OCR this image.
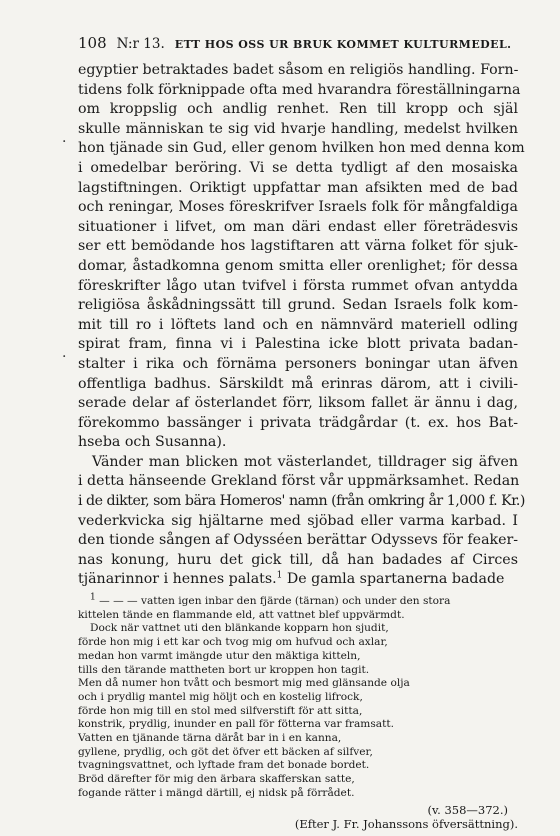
·
·
108 N:r 13. ETT HOS OSS UR BRUK KOMMET KULTURMEDEL.
egyptier betraktades badet såsom en religiös handling. Forn-
tidens folk förknippade ofta med hvarandra föreställningarna
om kroppslig och andlig renhet. Ren till kropp och själ
skulle människan te sig vid hvarje handling, medelst hvilken
hon tjänade sin Gud, eller genom hvilken hon med denna kom
i omedelbar beröring. Vi se detta tydligt af den mosaiska
lagstiftningen. Oriktigt uppfattar man afsikten med de bad
och reningar, Moses föreskrifver Israels folk för mångfaldiga
situationer i lifvet, om man däri endast eller företrädesvis
ser ett bemödande hos lagstiftaren att värna folket för sjuk-
domar, åstadkomna genom smitta eller orenlighet; för dessa
föreskrifter lågo utan tvifvel i första rummet ofvan antydda
religiösa åskådningssätt till grund. Sedan Israels folk kom-
mit till ro i löftets land och en nämnvärd materiell odling
spirat fram, finna vi i Palestina icke blott privata badan-
stalter i rika och förnäma personers boningar utan äfven
offentliga badhus. Särskildt må erinras därom, att i civili-
serade delar af österlandet förr, liksom fallet är ännu i dag,
förekommo bassänger i privata trädgårdar (t. ex. hos Bat-
hseba och Susanna).
Vänder man blicken mot västerlandet, tilldrager sig äfven
i detta hänseende Grekland först vår uppmärksamhet. Redan
i de dikter, som bära Homeros' namn (från omkring år 1,000 f. Kr.)
vederkvicka sig hjältarne med sjöbad eller varma karbad. I
den tionde sången af Odysséen berättar Odyssevs för feaker-
nas konung, huru det gick till, då han badades af Circes
tjänarinnor i hennes palats.$^1$ De gamla spartanerna badade
$^1$ — — — vatten igen inbar den fjärde (tärnan) och under den stora
kittelen tände en flammande eld, att vattnet blef uppvärmdt.
Dock när vattnet uti den blänkande kopparn hon sjudit,
förde hon mig i ett kar och tvog mig om hufvud och axlar,
medan hon varmt imängde utur den mäktiga kitteln,
tills den tärande mattheten bort ur kroppen hon tagit.
Men då numer hon tvått och besmort mig med glänsande olja
och i prydlig mantel mig höljt och en kostelig lifrock,
förde hon mig till en stol med silfverstift för att sitta,
konstrik, prydlig, inunder en pall för fötterna var framsatt.
Vatten en tjänande tärna däråt bar in i en kanna,
gyllene, prydlig, och göt det öfver ett bäcken af silfver,
tvagningsvattnet, och lyftade fram det bonade bordet.
Bröd därefter för mig den ärbara skafferskan satte,
fogande rätter i mängd därtill, ej nidsk på förrådet.
(v. 358—372.)
(Efter J. Fr. Johanssons öfversättning).
